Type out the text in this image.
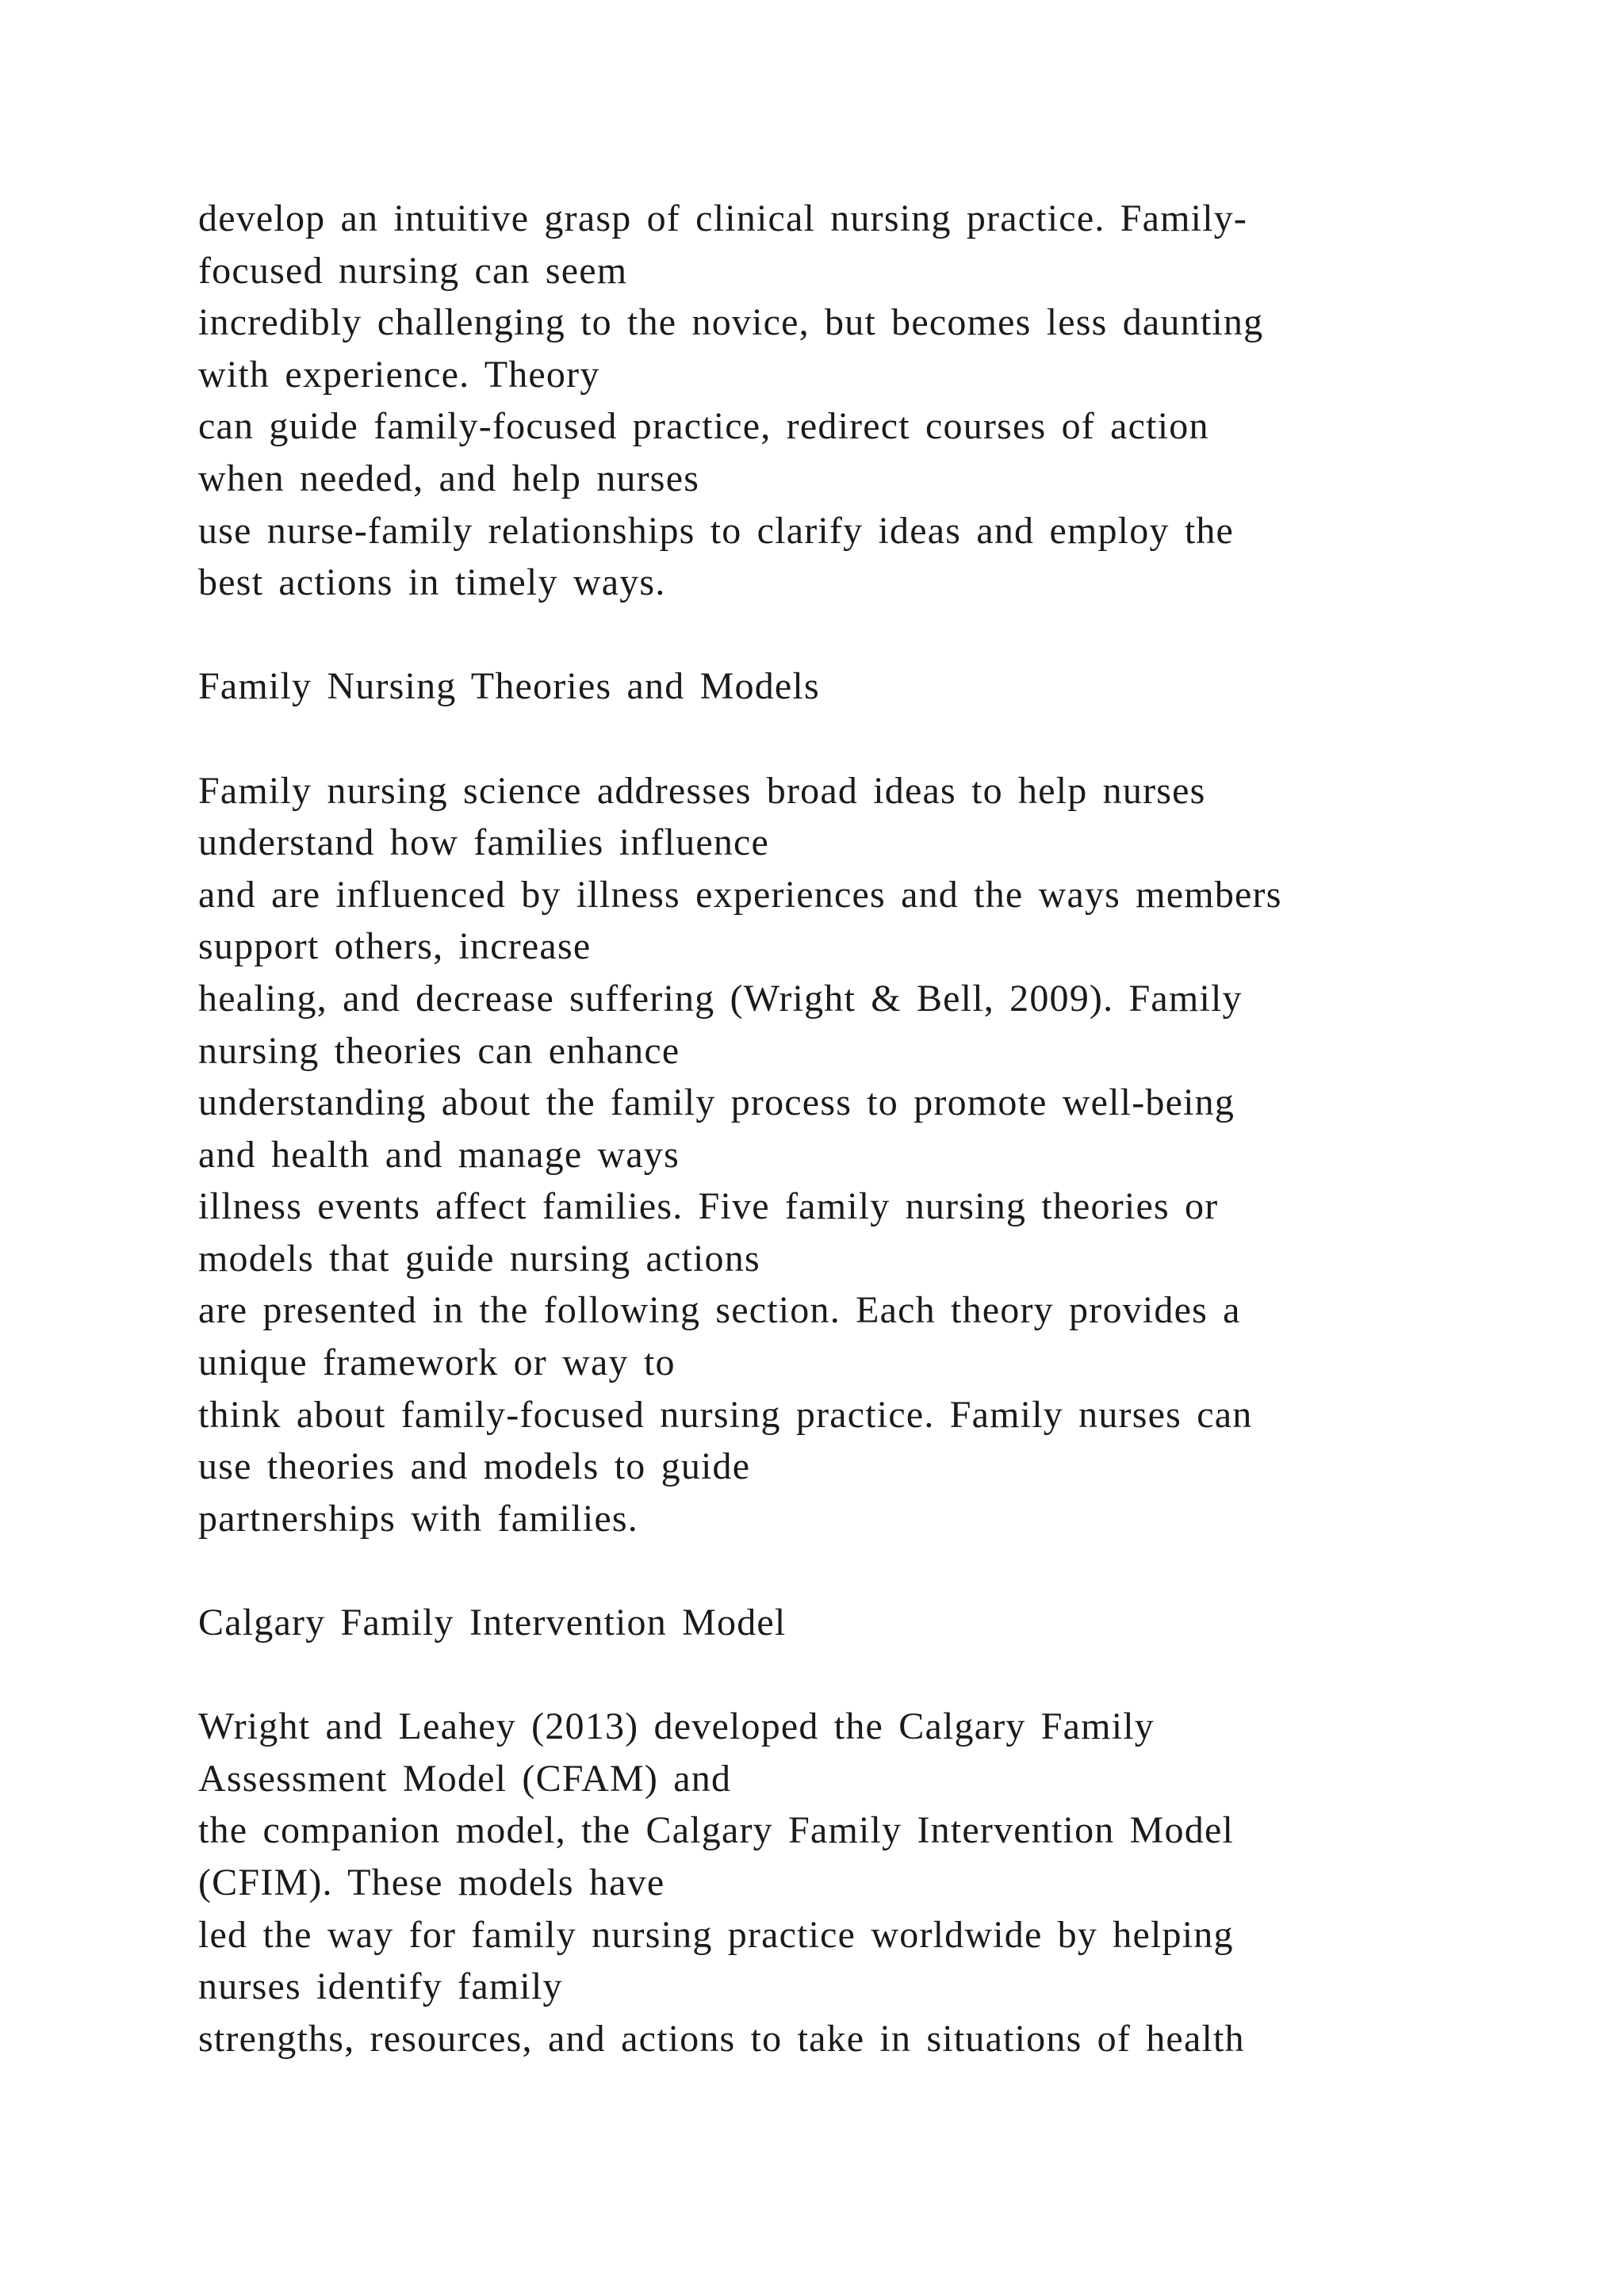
develop an intuitive grasp of clinical nursing practice. Family-
focused nursing can seem
incredibly challenging to the novice, but becomes less daunting
with experience. Theory
can guide family-focused practice, redirect courses of action
when needed, and help nurses
use nurse-family relationships to clarify ideas and employ the
best actions in timely ways.
Family Nursing Theories and Models
Family nursing science addresses broad ideas to help nurses
understand how families influence
and are influenced by illness experiences and the ways members
support others, increase
healing, and decrease suffering (Wright & Bell, 2009). Family
nursing theories can enhance
understanding about the family process to promote well-being
and health and manage ways
illness events affect families. Five family nursing theories or
models that guide nursing actions
are presented in the following section. Each theory provides a
unique framework or way to
think about family-focused nursing practice. Family nurses can
use theories and models to guide
partnerships with families.
Calgary Family Intervention Model
Wright and Leahey (2013) developed the Calgary Family
Assessment Model (CFAM) and
the companion model, the Calgary Family Intervention Model
(CFIM). These models have
led the way for family nursing practice worldwide by helping
nurses identify family
strengths, resources, and actions to take in situations of health
